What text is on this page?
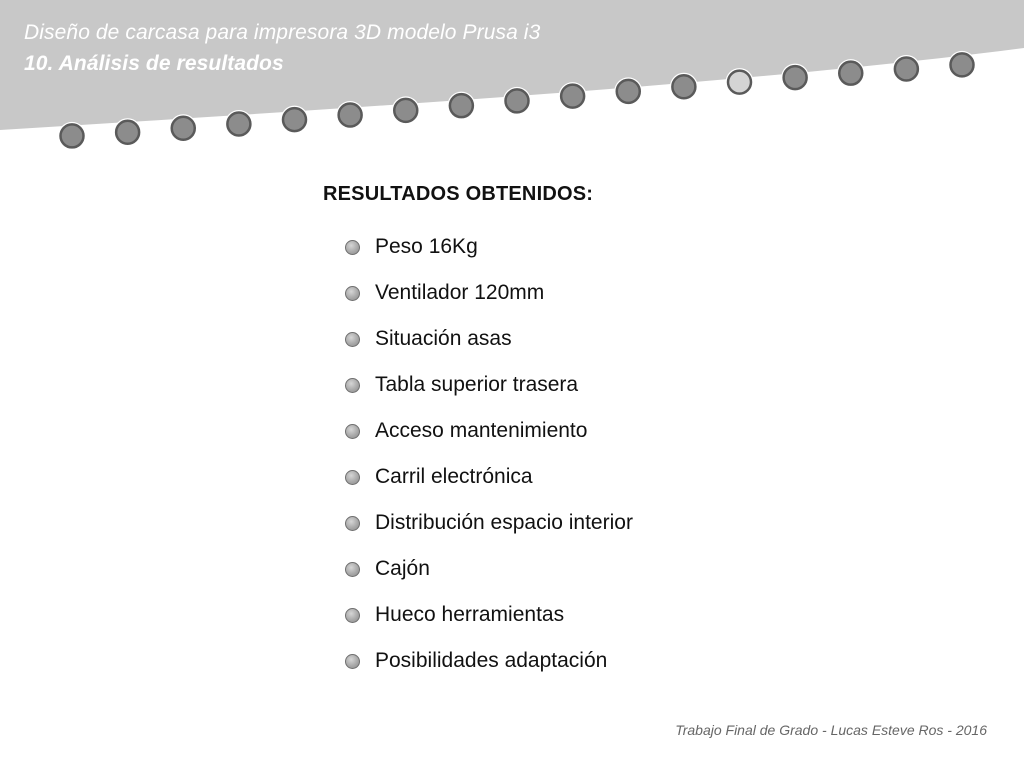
Diseño de carcasa para impresora 3D modelo Prusa i3
10. Análisis de resultados
RESULTADOS OBTENIDOS:
Peso 16Kg
Ventilador 120mm
Situación asas
Tabla superior trasera
Acceso mantenimiento
Carril electrónica
Distribución espacio interior
Cajón
Hueco herramientas
Posibilidades adaptación
Trabajo Final de Grado - Lucas Esteve Ros - 2016
